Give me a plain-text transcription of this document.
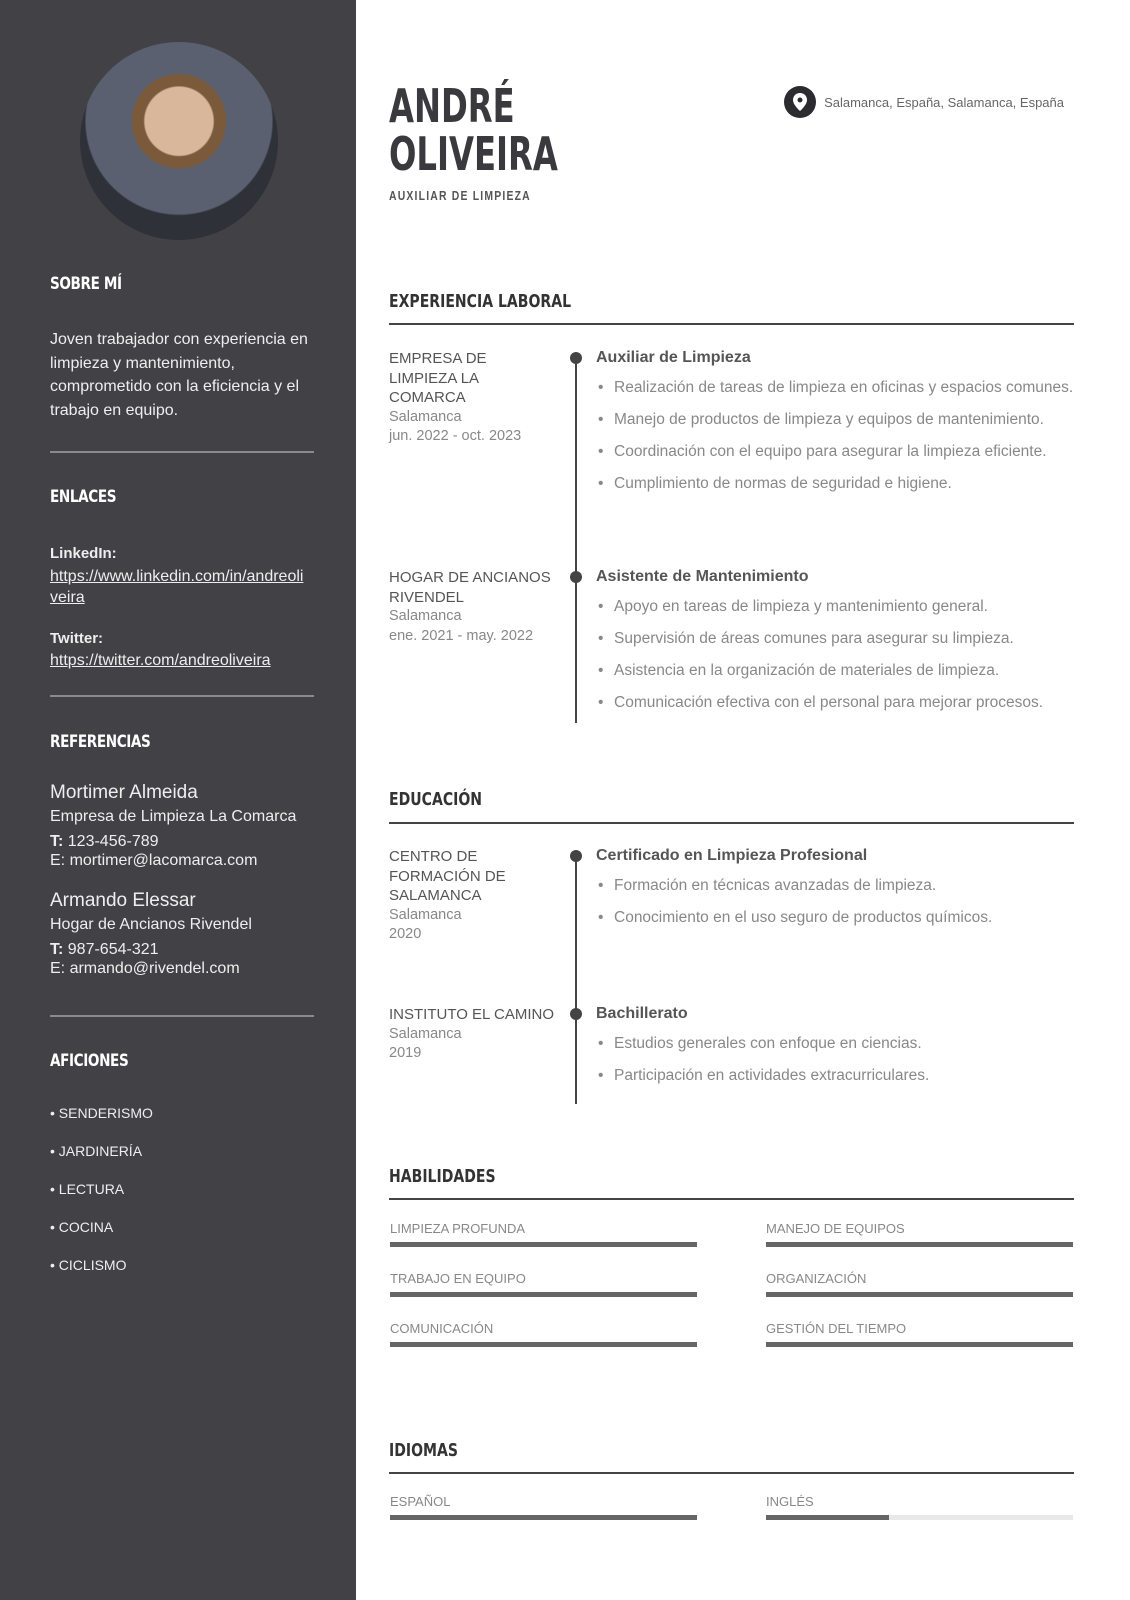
SOBRE MÍ
Joven trabajador con experiencia en limpieza y mantenimiento, comprometido con la eficiencia y el trabajo en equipo.
ENLACES
LinkedIn:
https://www.linkedin.com/in/andreoliveira
Twitter:
https://twitter.com/andreoliveira
REFERENCIAS
Mortimer Almeida
Empresa de Limpieza La Comarca
T: 123-456-789
E: mortimer@lacomarca.com
Armando Elessar
Hogar de Ancianos Rivendel
T: 987-654-321
E: armando@rivendel.com
AFICIONES
• SENDERISMO
• JARDINERÍA
• LECTURA
• COCINA
• CICLISMO
ANDRÉ
OLIVEIRA
AUXILIAR DE LIMPIEZA
Salamanca, España, Salamanca, España
EXPERIENCIA LABORAL
EMPRESA DE LIMPIEZA LA COMARCA
Salamanca
jun. 2022 - oct. 2023
Auxiliar de Limpieza
• Realización de tareas de limpieza en oficinas y espacios comunes.
• Manejo de productos de limpieza y equipos de mantenimiento.
• Coordinación con el equipo para asegurar la limpieza eficiente.
• Cumplimiento de normas de seguridad e higiene.
HOGAR DE ANCIANOS RIVENDEL
Salamanca
ene. 2021 - may. 2022
Asistente de Mantenimiento
• Apoyo en tareas de limpieza y mantenimiento general.
• Supervisión de áreas comunes para asegurar su limpieza.
• Asistencia en la organización de materiales de limpieza.
• Comunicación efectiva con el personal para mejorar procesos.
EDUCACIÓN
CENTRO DE FORMACIÓN DE SALAMANCA
Salamanca
2020
Certificado en Limpieza Profesional
• Formación en técnicas avanzadas de limpieza.
• Conocimiento en el uso seguro de productos químicos.
INSTITUTO EL CAMINO
Salamanca
2019
Bachillerato
• Estudios generales con enfoque en ciencias.
• Participación en actividades extracurriculares.
HABILIDADES
LIMPIEZA PROFUNDA	MANEJO DE EQUIPOS
TRABAJO EN EQUIPO	ORGANIZACIÓN
COMUNICACIÓN	GESTIÓN DEL TIEMPO
IDIOMAS
ESPAÑOL	INGLÉS
